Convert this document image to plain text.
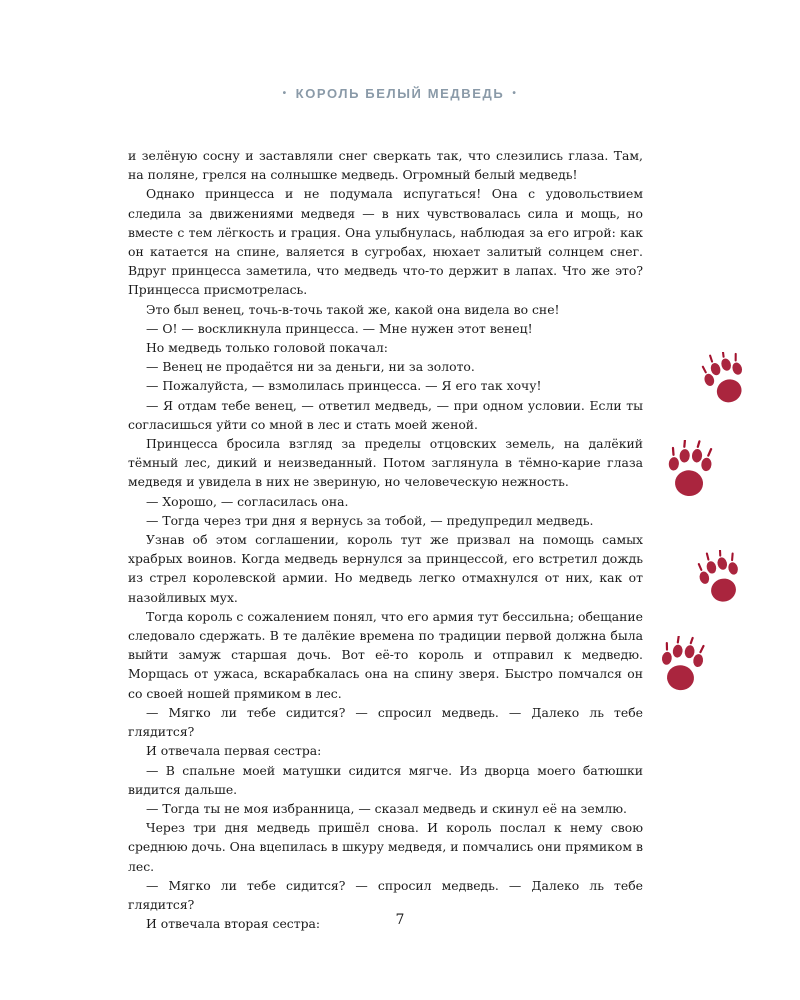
• КОРОЛЬ БЕЛЫЙ МЕДВЕДЬ •

и зелёную сосну и заставляли снег сверкать так, что слезились глаза. Там, на поляне, грелся на солнышке медведь. Огромный белый медведь!

Однако принцесса и не подумала испугаться! Она с удовольствием следила за движениями медведя — в них чувствовалась сила и мощь, но вместе с тем лёгкость и грация. Она улыбнулась, наблюдая за его игрой: как он катается на спине, валяется в сугробах, нюхает залитый солнцем снег. Вдруг принцесса заметила, что медведь что-то держит в лапах. Что же это? Принцесса присмотрелась.

Это был венец, точь-в-точь такой же, какой она видела во сне!

— О! — воскликнула принцесса. — Мне нужен этот венец!

Но медведь только головой покачал:

— Венец не продаётся ни за деньги, ни за золото.

— Пожалуйста, — взмолилась принцесса. — Я его так хочу!

— Я отдам тебе венец, — ответил медведь, — при одном условии. Если ты согласишься уйти со мной в лес и стать моей женой.

Принцесса бросила взгляд за пределы отцовских земель, на далёкий тёмный лес, дикий и неизведанный. Потом заглянула в тёмно-карие глаза медведя и увидела в них не звериную, но человеческую нежность.

— Хорошо, — согласилась она.

— Тогда через три дня я вернусь за тобой, — предупредил медведь.

Узнав об этом соглашении, король тут же призвал на помощь самых храбрых воинов. Когда медведь вернулся за принцессой, его встретил дождь из стрел королевской армии. Но медведь легко отмахнулся от них, как от назойливых мух.

Тогда король с сожалением понял, что его армия тут бессильна; обещание следовало сдержать. В те далёкие времена по традиции первой должна была выйти замуж старшая дочь. Вот её-то король и отправил к медведю. Морщась от ужаса, вскарабкалась она на спину зверя. Быстро помчался он со своей ношей прямиком в лес.

— Мягко ли тебе сидится? — спросил медведь. — Далеко ль тебе глядится?

И отвечала первая сестра:

— В спальне моей матушки сидится мягче. Из дворца моего батюшки видится дальше.

— Тогда ты не моя избранница, — сказал медведь и скинул её на землю.

Через три дня медведь пришёл снова. И король послал к нему свою среднюю дочь. Она вцепилась в шкуру медведя, и помчались они прямиком в лес.

— Мягко ли тебе сидится? — спросил медведь. — Далеко ль тебе глядится?

И отвечала вторая сестра:	7
